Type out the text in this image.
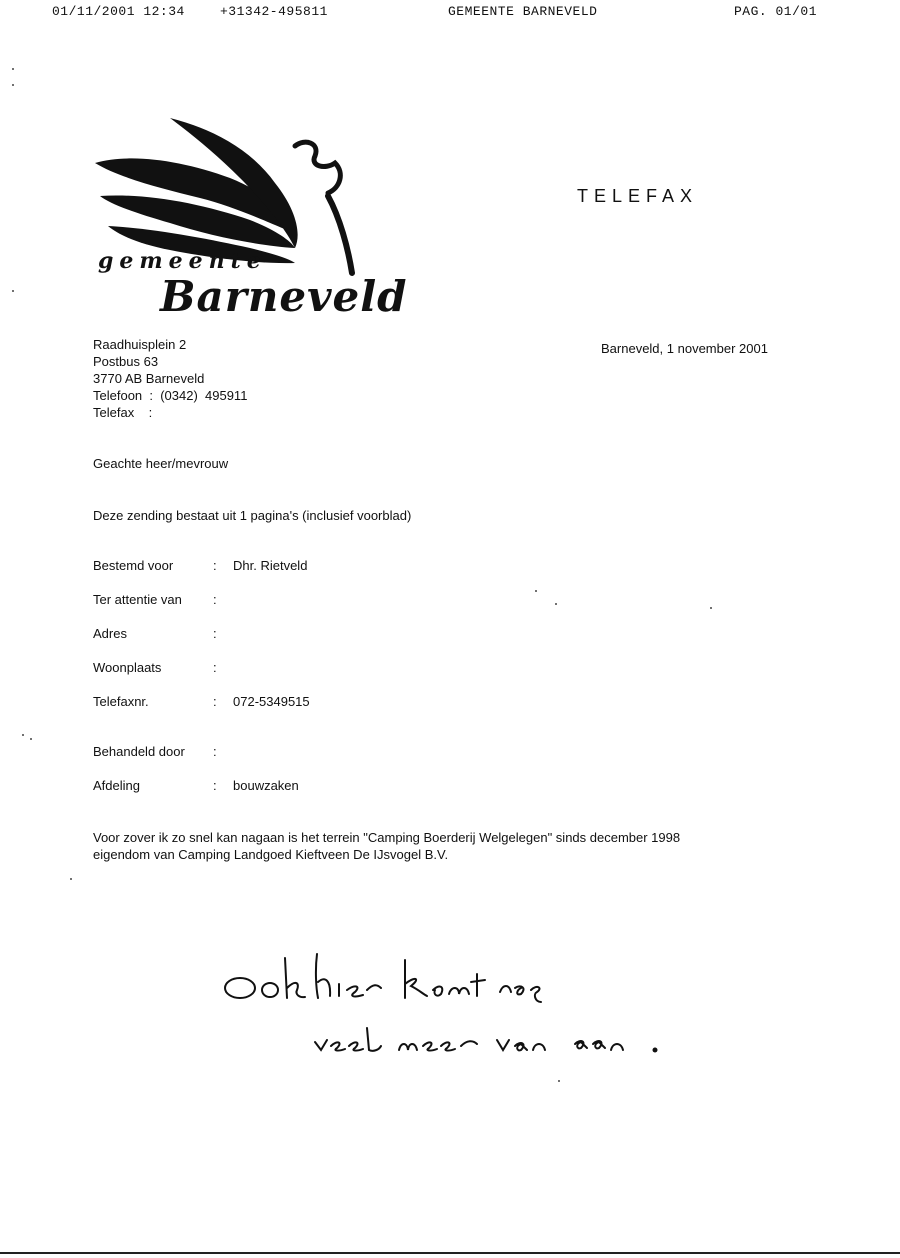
01/11/2001 12:34	+31342-495811	GEMEENTE BARNEVELD	PAG. 01/01
gemeente
Barneveld
TELEFAX
Raadhuisplein 2
Postbus 63
3770 AB Barneveld
Telefoon  :  (0342)  495911
Telefax    :
Barneveld, 1 november 2001
Geachte heer/mevrouw
Deze zending bestaat uit 1 pagina's (inclusief voorblad)
Bestemd voor	: Dhr. Rietveld
Ter attentie van :
Adres	:
Woonplaats	:
Telefaxnr.	: 072-5349515
Behandeld door :
Afdeling	: bouwzaken
Voor zover ik zo snel kan nagaan is het terrein "Camping Boerderij Welgelegen" sinds december 1998
eigendom van Camping Landgoed Kieftveen De IJsvogel B.V.
